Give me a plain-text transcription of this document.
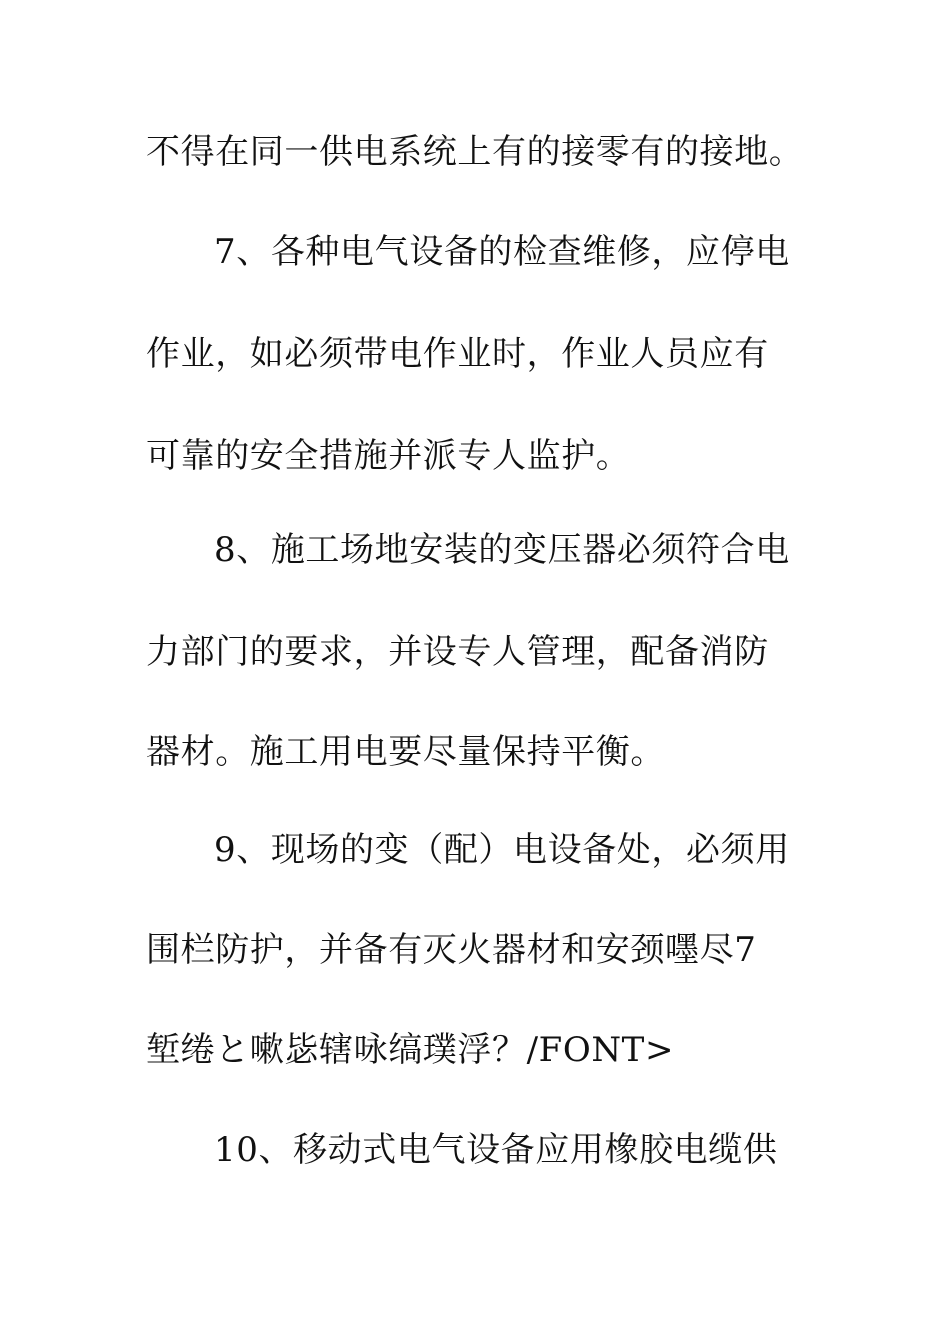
不得在同一供电系统上有的接零有的接地。

7、各种电气设备的检查维修，应停电

作业，如必须带电作业时，作业人员应有

可靠的安全措施并派专人监护。

8、施工场地安装的变压器必须符合电

力部门的要求，并设专人管理，配备消防

器材。施工用电要尽量保持平衡。

9、现场的变（配）电设备处，必须用

围栏防护，并备有灭火器材和安颈嚜尽7

堑绻と嗽毖辖咏缟璞浮？/FONT>

10、移动式电气设备应用橡胶电缆供
